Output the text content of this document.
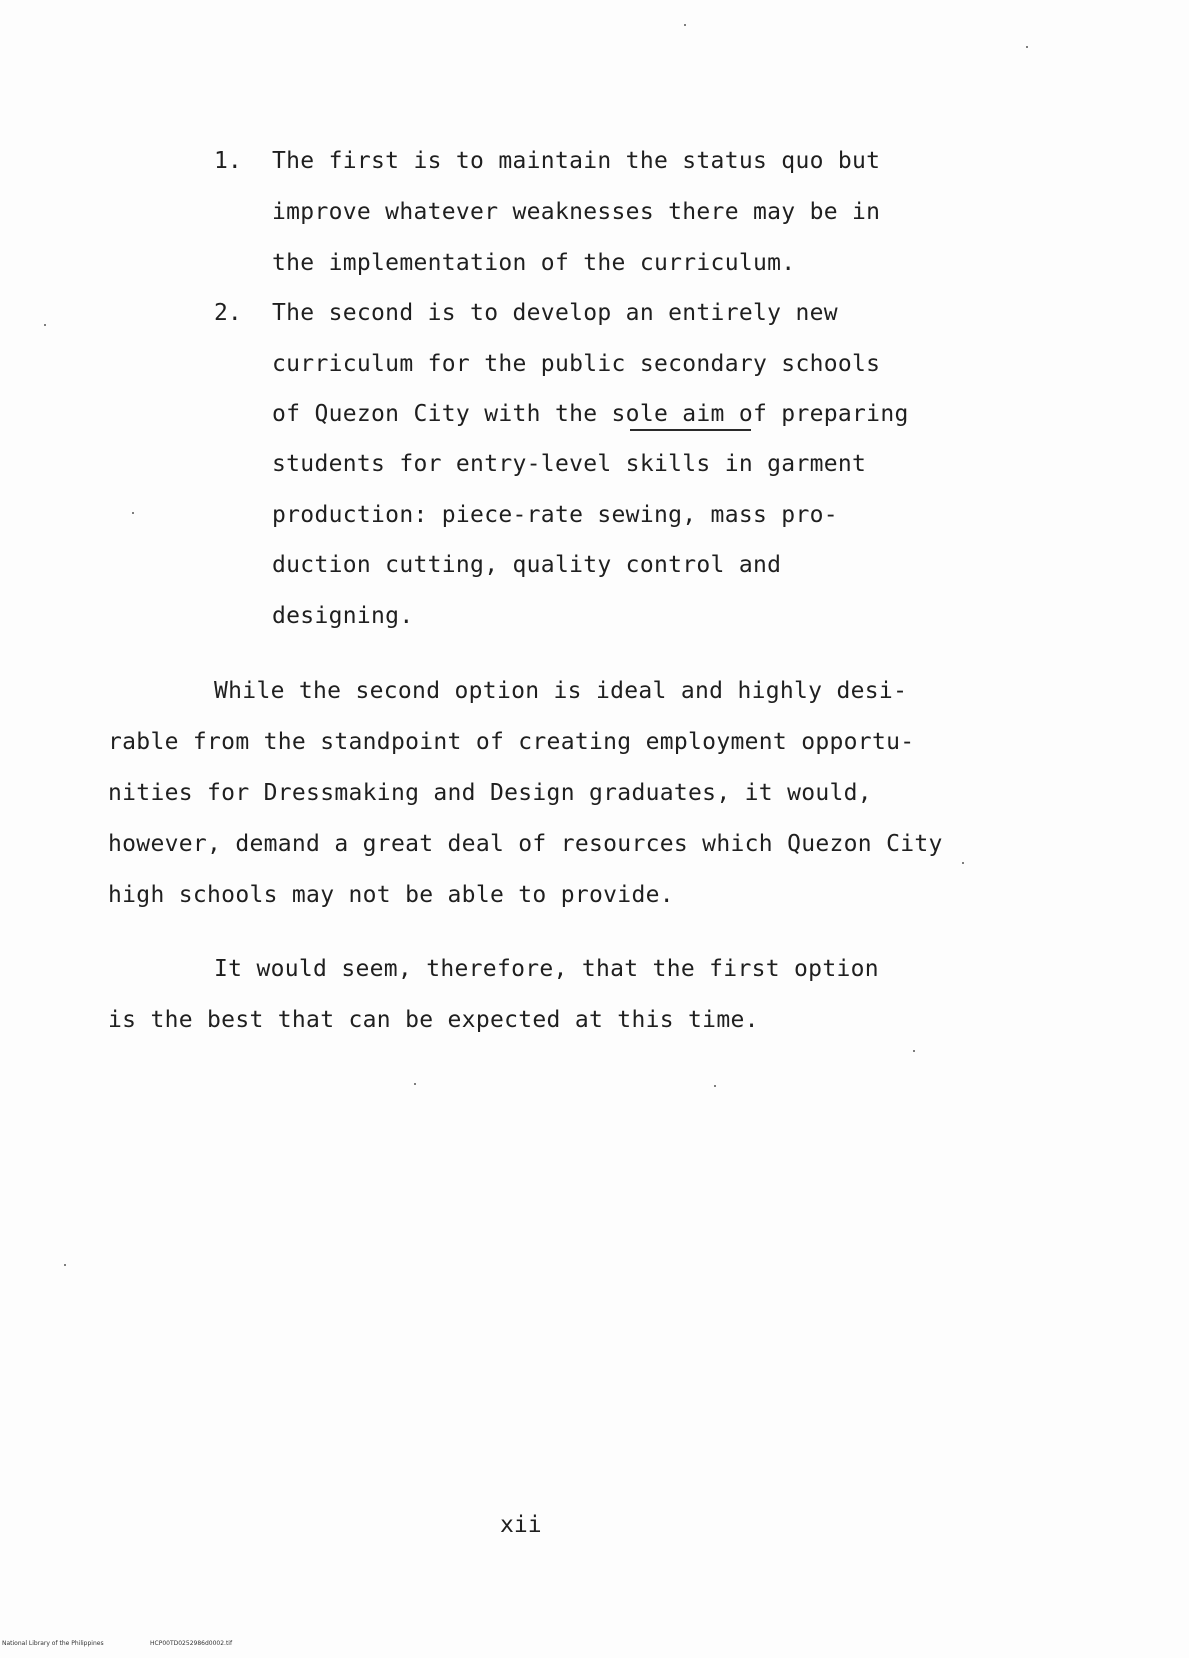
1. The first is to maintain the status quo but
improve whatever weaknesses there may be in
the implementation of the curriculum.
2. The second is to develop an entirely new
curriculum for the public secondary schools
of Quezon City with the sole aim of preparing
students for entry-level skills in garment
production: piece-rate sewing, mass pro-
duction cutting, quality control and
designing.
While the second option is ideal and highly desi-
rable from the standpoint of creating employment opportu-
nities for Dressmaking and Design graduates, it would,
however, demand a great deal of resources which Quezon City
high schools may not be able to provide.
It would seem, therefore, that the first option
is the best that can be expected at this time.
xii
National Library of the Philippines	HCP00TD0252986d0002.tif
